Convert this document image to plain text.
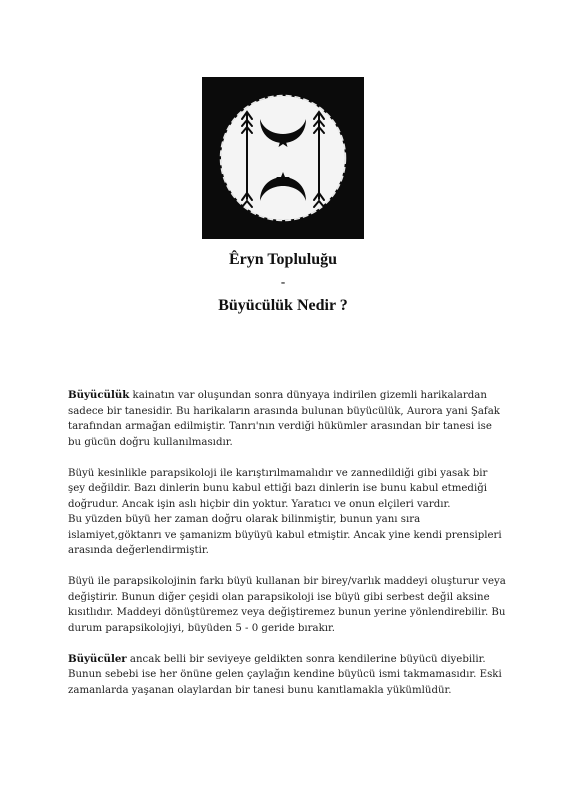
Êryn Topluluğu

-

Büyücülük Nedir ?

Büyücülük kainatın var oluşundan sonra dünyaya indirilen gizemli harikalardan
sadece bir tanesidir. Bu harikaların arasında bulunan büyücülük, Aurora yani Şafak
tarafından armağan edilmiştir. Tanrı'nın verdiği hükümler arasından bir tanesi ise
bu gücün doğru kullanılmasıdır.

Büyü kesinlikle parapsikoloji ile karıştırılmamalıdır ve zannedildiği gibi yasak bir
şey değildir. Bazı dinlerin bunu kabul ettiği bazı dinlerin ise bunu kabul etmediği
doğrudur. Ancak işin aslı hiçbir din yoktur. Yaratıcı ve onun elçileri vardır.
Bu yüzden büyü her zaman doğru olarak bilinmiştir, bunun yanı sıra
islamiyet,göktanrı ve şamanizm büyüyü kabul etmiştir. Ancak yine kendi prensipleri
arasında değerlendirmiştir.

Büyü ile parapsikolojinin farkı büyü kullanan bir birey/varlık maddeyi oluşturur veya
değiştirir. Bunun diğer çeşidi olan parapsikoloji ise büyü gibi serbest değil aksine
kısıtlıdır. Maddeyi dönüştüremez veya değiştiremez bunun yerine yönlendirebilir. Bu
durum parapsikolojiyi, büyüden 5 - 0 geride bırakır.

Büyücüler ancak belli bir seviyeye geldikten sonra kendilerine büyücü diyebilir.
Bunun sebebi ise her önüne gelen çaylağın kendine büyücü ismi takmamasıdır. Eski
zamanlarda yaşanan olaylardan bir tanesi bunu kanıtlamakla yükümlüdür.
